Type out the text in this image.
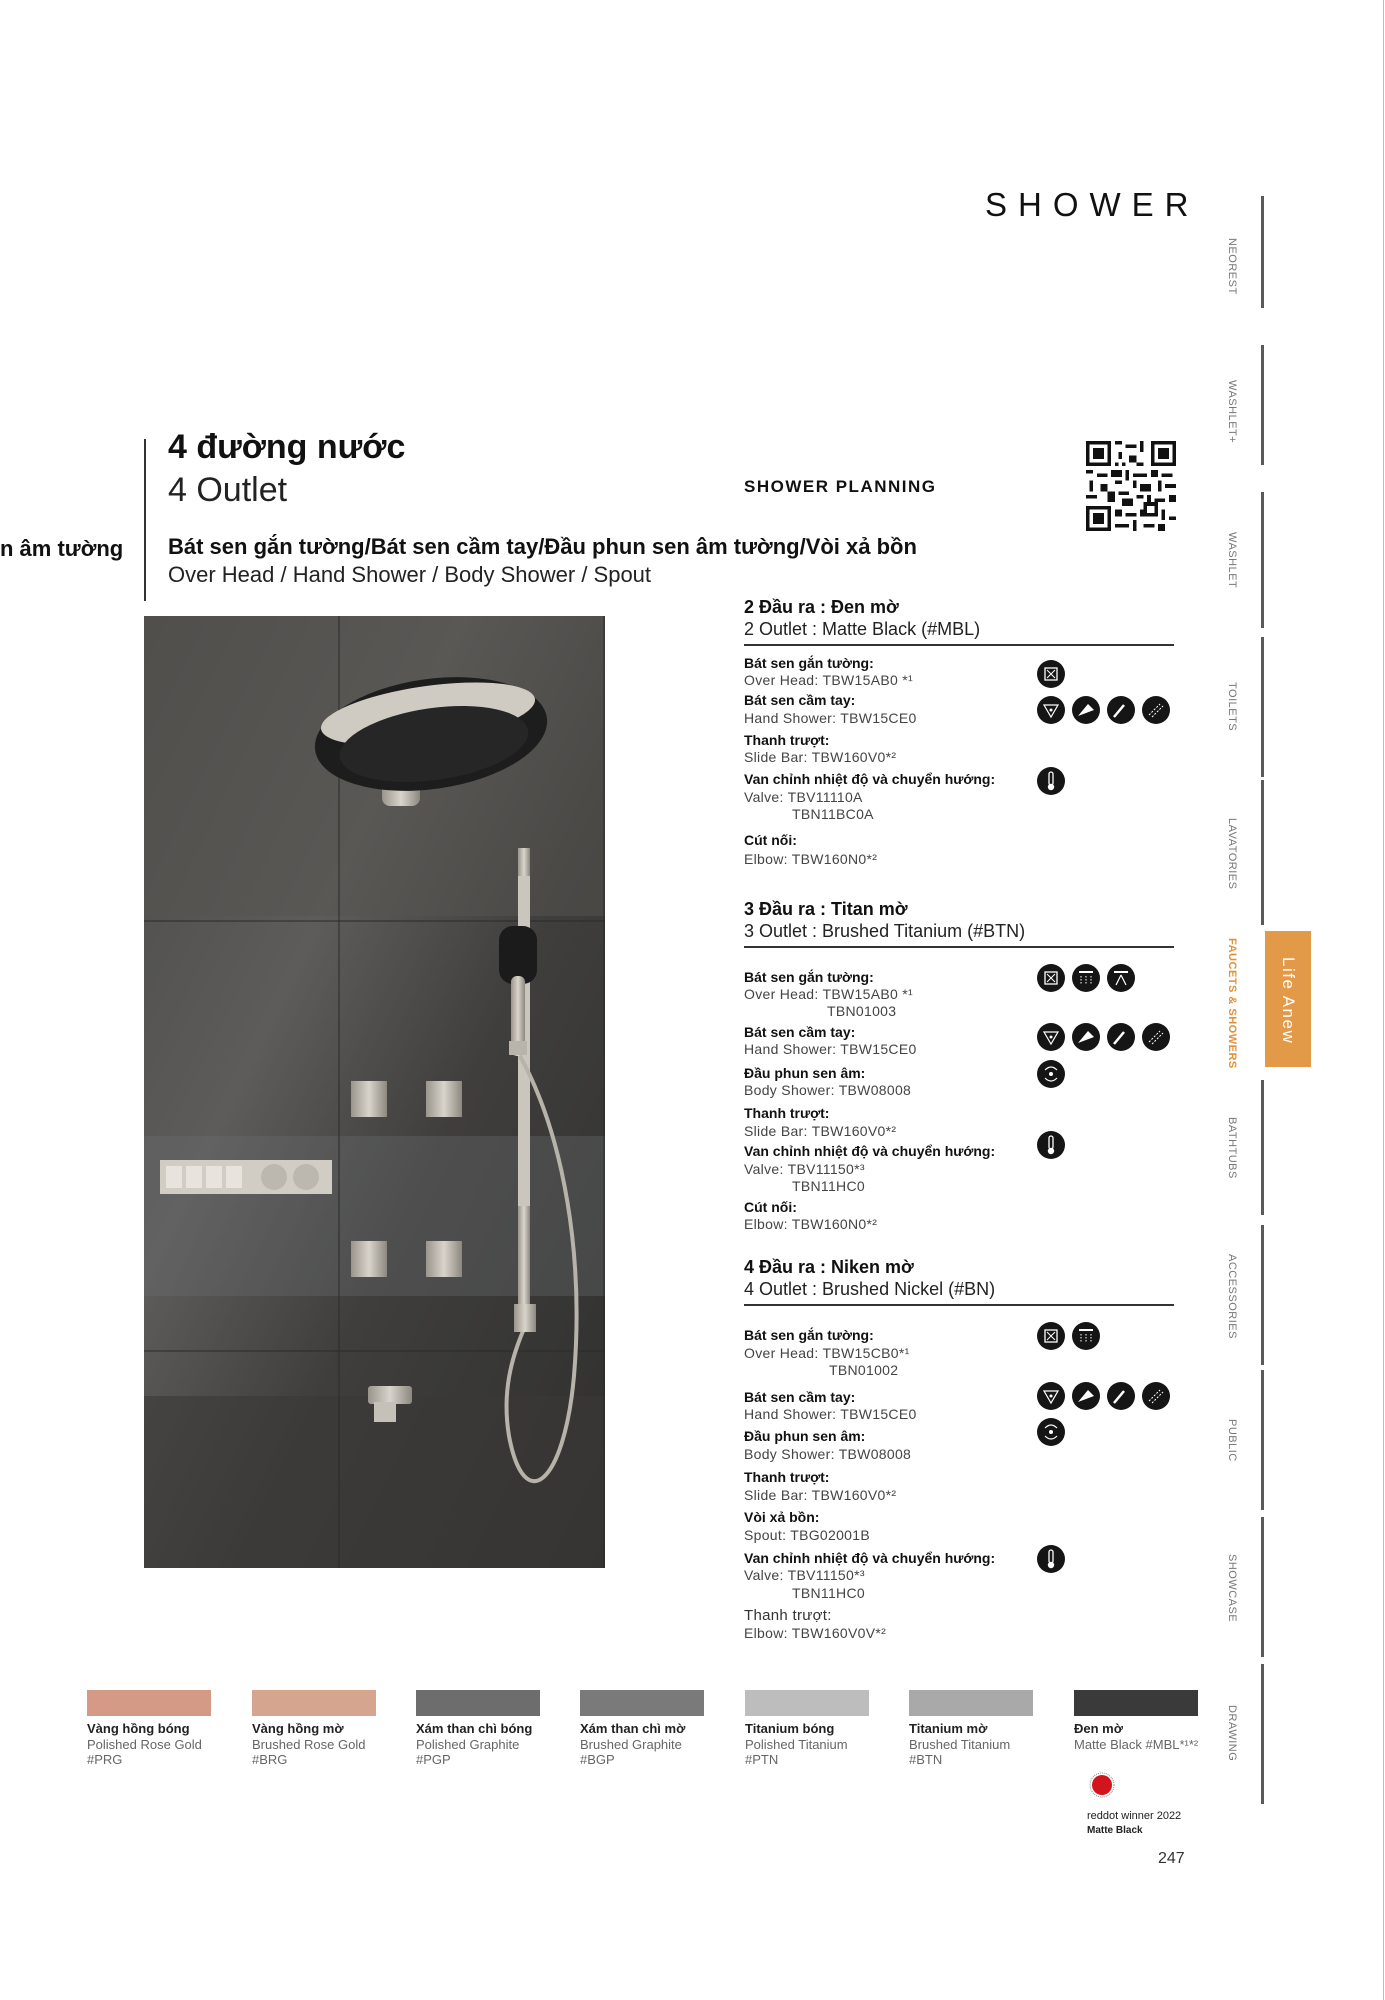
SHOWER
NEOREST
WASHLET+
WASHLET
TOILETS
LAVATORIES
FAUCETS & SHOWERS Life Anew
BATHTUBS
ACCESSORIES
PUBLIC
SHOWCASE
DRAWING
4 đường nước
4 Outlet
n âm tường Bát sen gắn tường/Bát sen cầm tay/Đầu phun sen âm tường/Vòi xả bồn
Over Head / Hand Shower / Body Shower / Spout
SHOWER PLANNING
2 Đầu ra : Đen mờ
2 Outlet : Matte Black (#MBL)
Bát sen gắn tường:
Over Head: TBW15AB0 *¹
Bát sen cầm tay:
Hand Shower: TBW15CE0
Thanh trượt:
Slide Bar: TBW160V0*²
Van chỉnh nhiệt độ và chuyển hướng:
Valve: TBV11110A
TBN11BC0A
Cút nối:
Elbow: TBW160N0*²
3 Đầu ra : Titan mờ
3 Outlet : Brushed Titanium (#BTN)
Bát sen gắn tường:
Over Head: TBW15AB0 *¹
TBN01003
Bát sen cầm tay:
Hand Shower: TBW15CE0
Đầu phun sen âm:
Body Shower: TBW08008
Thanh trượt:
Slide Bar: TBW160V0*²
Van chỉnh nhiệt độ và chuyển hướng:
Valve: TBV11150*³
TBN11HC0
Cút nối:
Elbow: TBW160N0*²
4 Đầu ra : Niken mờ
4 Outlet : Brushed Nickel (#BN)
Bát sen gắn tường:
Over Head: TBW15CB0*¹
TBN01002
Bát sen cầm tay:
Hand Shower: TBW15CE0
Đầu phun sen âm:
Body Shower: TBW08008
Thanh trượt:
Slide Bar: TBW160V0*²
Vòi xả bồn:
Spout: TBG02001B
Van chỉnh nhiệt độ và chuyển hướng:
Valve: TBV11150*³
TBN11HC0
Thanh trượt:
Elbow: TBW160V0V*²
Vàng hồng bóng
Polished Rose Gold
#PRG
Vàng hồng mờ
Brushed Rose Gold
#BRG
Xám than chì bóng
Polished Graphite
#PGP
Xám than chì mờ
Brushed Graphite
#BGP
Titanium bóng
Polished Titanium
#PTN
Titanium mờ
Brushed Titanium
#BTN
Đen mờ
Matte Black #MBL*¹*²
reddot winner 2022
Matte Black
247
